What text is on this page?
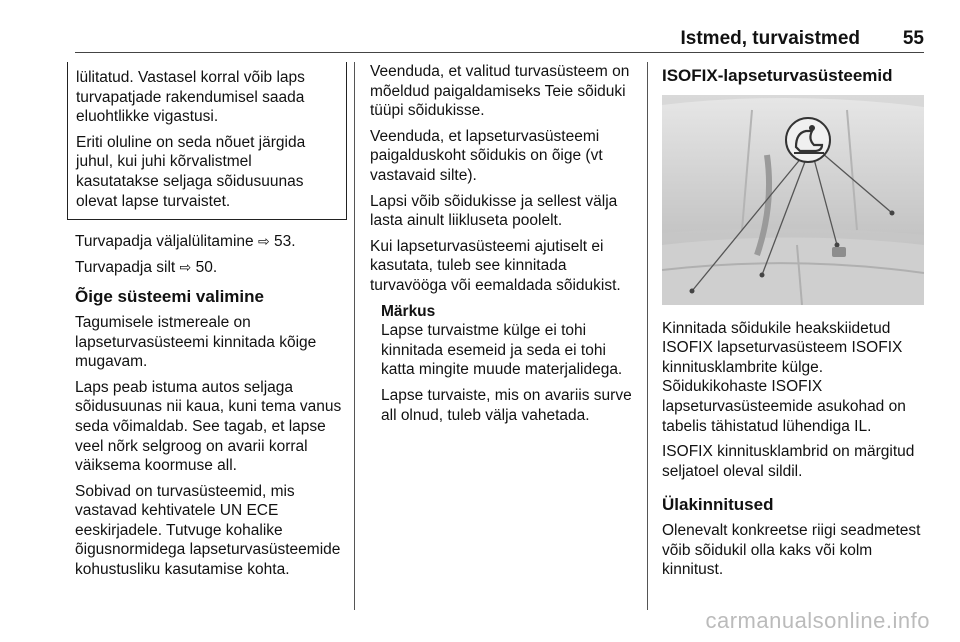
Istmed, turvaistmed 55

lülitatud. Vastasel korral võib laps turvapatjade rakendumisel saada eluohtlikke vigastusi.

Eriti oluline on seda nõuet järgida juhul, kui juhi kõrvalistmel kasutatakse seljaga sõidusuunas olevat lapse turvaistet.

Turvapadja väljalülitamine ⇨ 53.

Turvapadja silt ⇨ 50.

Õige süsteemi valimine

Tagumisele istmereale on lapseturvasüsteemi kinnitada kõige mugavam.

Laps peab istuma autos seljaga sõidusuunas nii kaua, kuni tema vanus seda võimaldab. See tagab, et lapse veel nõrk selgroog on avarii korral väiksema koormuse all.

Sobivad on turvasüsteemid, mis vastavad kehtivatele UN ECE eeskirjadele. Tutvuge kohalike õigusnormidega lapseturvasüsteemide kohustusliku kasutamise kohta.

Veenduda, et valitud turvasüsteem on mõeldud paigaldamiseks Teie sõiduki tüüpi sõidukisse.

Veenduda, et lapseturvasüsteemi paigalduskoht sõidukis on õige (vt vastavaid silte).

Lapsi võib sõidukisse ja sellest välja lasta ainult liikluseta poolelt.

Kui lapseturvasüsteemi ajutiselt ei kasutata, tuleb see kinnitada turvavööga või eemaldada sõidukist.

Märkus

Lapse turvaistme külge ei tohi kinnitada esemeid ja seda ei tohi katta mingite muude materjalidega.

Lapse turvaiste, mis on avariis surve all olnud, tuleb välja vahetada.

ISOFIX-lapseturvasüsteemid

Kinnitada sõidukile heakskiidetud ISOFIX lapseturvasüsteem ISOFIX kinnitusklambrite külge. Sõidukikohaste ISOFIX lapseturvasüsteemide asukohad on tabelis tähistatud lühendiga IL.

ISOFIX kinnitusklambrid on märgitud seljatoel oleval sildil.

Ülakinnitused

Olenevalt konkreetse riigi seadmetest võib sõidukil olla kaks või kolm kinnitust.

carmanualsonline.info
